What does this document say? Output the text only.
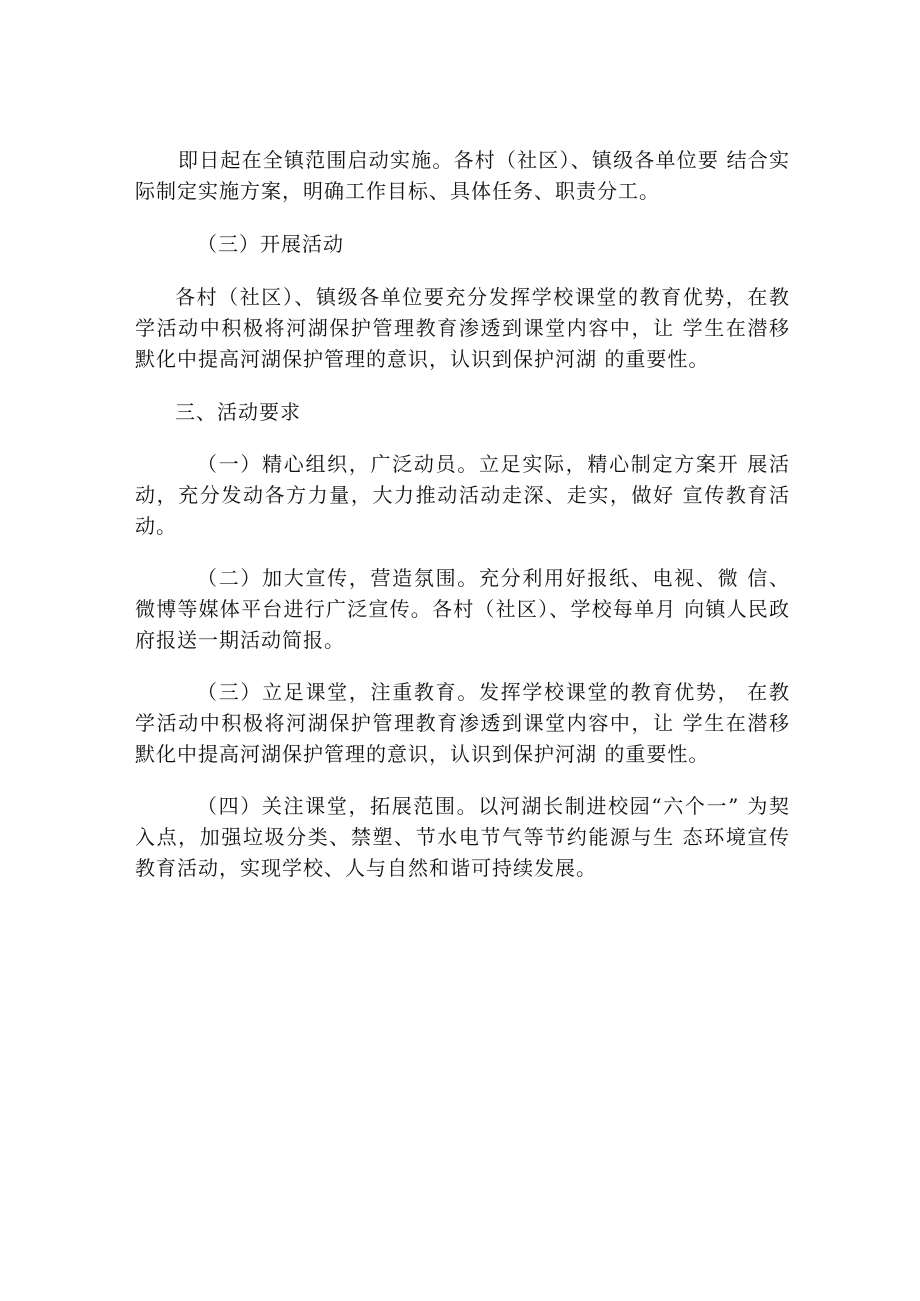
即日起在全镇范围启动实施。各村（社区）、镇级各单位要 结合实际制定实施方案，明确工作目标、具体任务、职责分工。

（三）开展活动

各村（社区）、镇级各单位要充分发挥学校课堂的教育优势，在教学活动中积极将河湖保护管理教育渗透到课堂内容中，让 学生在潜移默化中提高河湖保护管理的意识，认识到保护河湖 的重要性。

三、活动要求

（一）精心组织，广泛动员。立足实际，精心制定方案开 展活动，充分发动各方力量，大力推动活动走深、走实，做好 宣传教育活动。

（二）加大宣传，营造氛围。充分利用好报纸、电视、微 信、微博等媒体平台进行广泛宣传。各村（社区）、学校每单月 向镇人民政府报送一期活动简报。

（三）立足课堂，注重教育。发挥学校课堂的教育优势， 在教学活动中积极将河湖保护管理教育渗透到课堂内容中，让 学生在潜移默化中提高河湖保护管理的意识，认识到保护河湖 的重要性。

（四）关注课堂，拓展范围。以河湖长制进校园“六个一” 为契入点，加强垃圾分类、禁塑、节水电节气等节约能源与生 态环境宣传教育活动，实现学校、人与自然和谐可持续发展。
